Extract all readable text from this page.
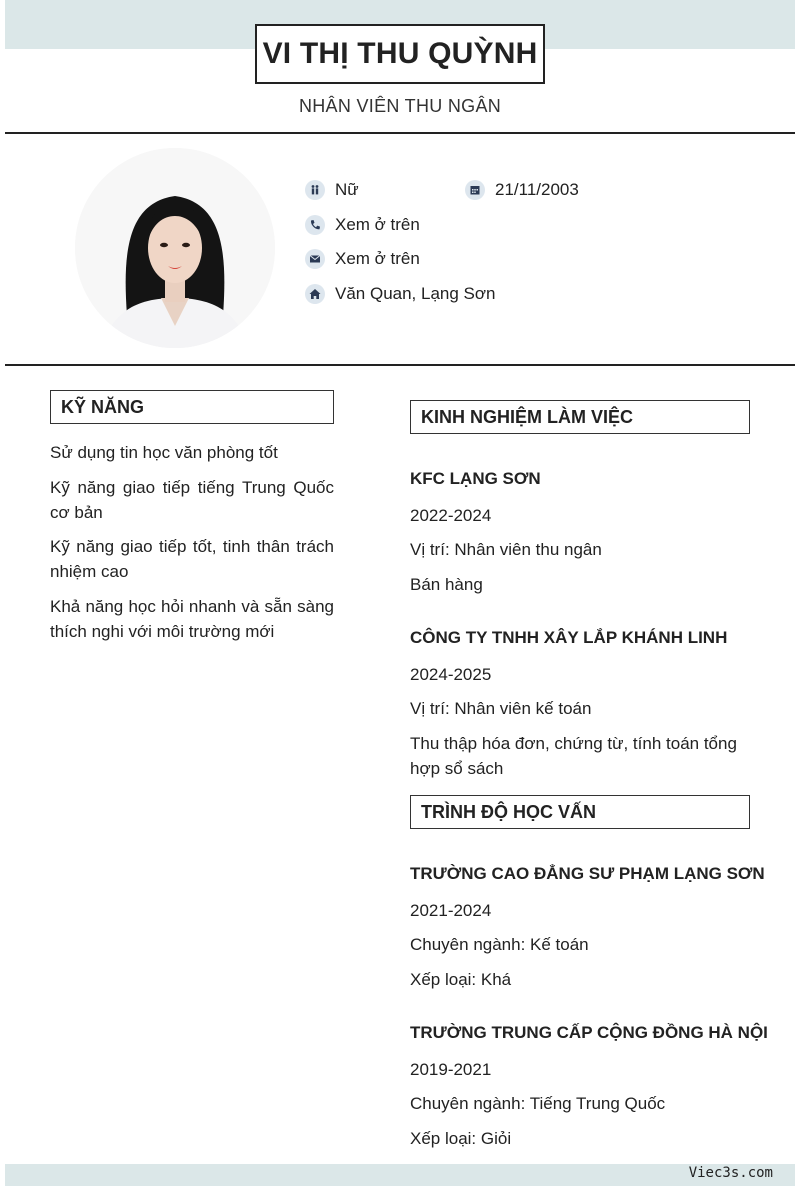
VI THỊ THU QUỲNH
NHÂN VIÊN THU NGÂN
Nữ	21/11/2003
Xem ở trên
Xem ở trên
Văn Quan, Lạng Sơn
KỸ NĂNG
Sử dụng tin học văn phòng tốt
Kỹ năng giao tiếp tiếng Trung Quốc cơ bản
Kỹ năng giao tiếp tốt, tinh thân trách nhiệm cao
Khả năng học hỏi nhanh và sẵn sàng thích nghi với môi trường mới
KINH NGHIỆM LÀM VIỆC
KFC LẠNG SƠN
2022-2024
Vị trí: Nhân viên thu ngân
Bán hàng
CÔNG TY TNHH XÂY LẮP KHÁNH LINH
2024-2025
Vị trí: Nhân viên kế toán
Thu thập hóa đơn, chứng từ, tính toán tổng hợp sổ sách
TRÌNH ĐỘ HỌC VẤN
TRƯỜNG CAO ĐẲNG SƯ PHẠM LẠNG SƠN
2021-2024
Chuyên ngành: Kế toán
Xếp loại: Khá
TRƯỜNG TRUNG CẤP CỘNG ĐỒNG HÀ NỘI
2019-2021
Chuyên ngành: Tiếng Trung Quốc
Xếp loại: Giỏi
Viec3s.com
